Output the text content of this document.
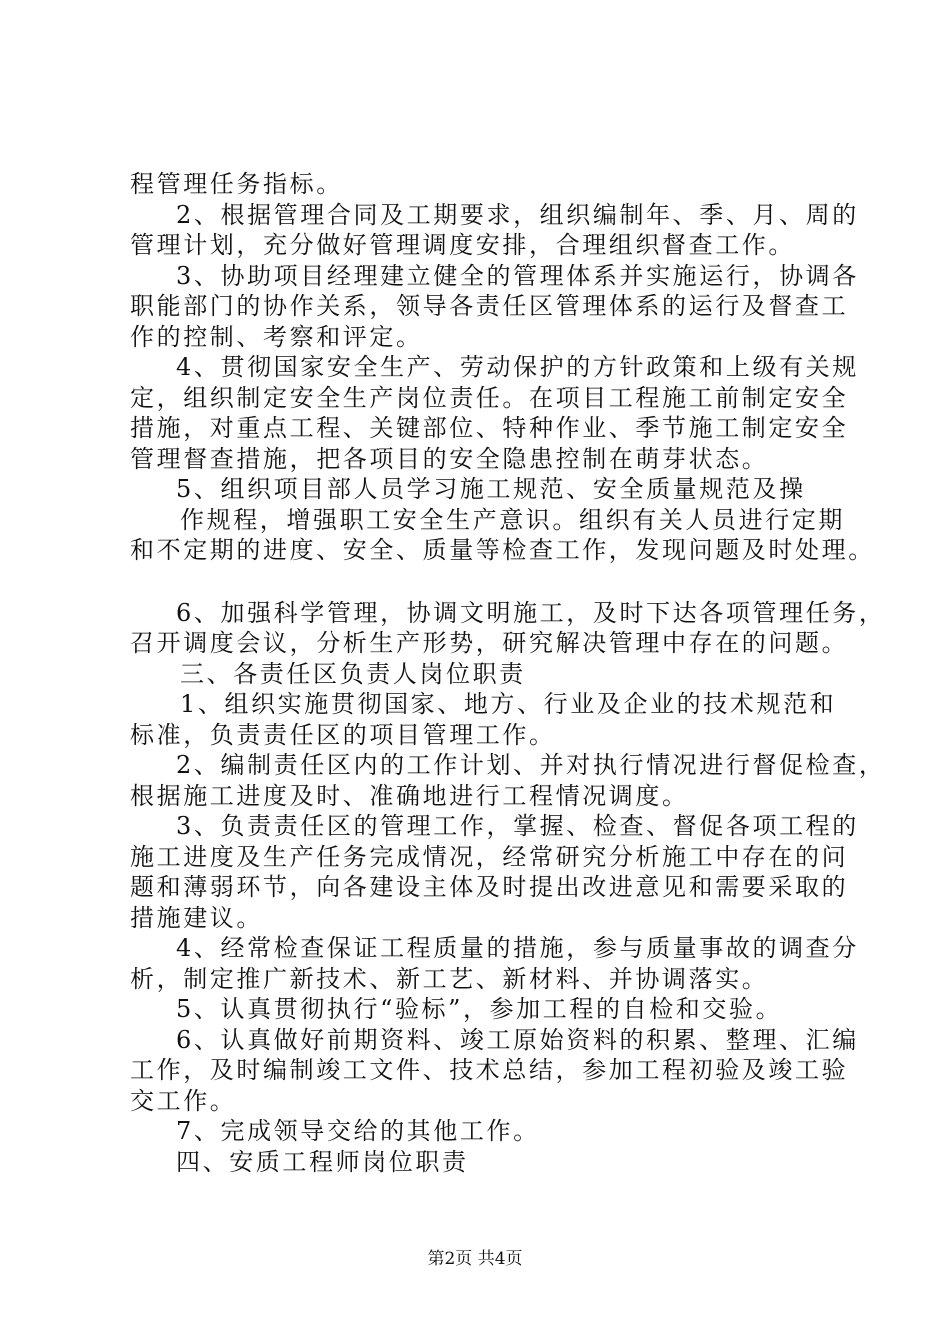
程管理任务指标。
2、根据管理合同及工期要求，组织编制年、季、月、周的
管理计划，充分做好管理调度安排，合理组织督查工作。
3、协助项目经理建立健全的管理体系并实施运行，协调各
职能部门的协作关系，领导各责任区管理体系的运行及督查工
作的控制、考察和评定。
4、贯彻国家安全生产、劳动保护的方针政策和上级有关规
定，组织制定安全生产岗位责任。在项目工程施工前制定安全
措施，对重点工程、关键部位、特种作业、季节施工制定安全
管理督查措施，把各项目的安全隐患控制在萌芽状态。
5、组织项目部人员学习施工规范、安全质量规范及操
作规程，增强职工安全生产意识。组织有关人员进行定期
和不定期的进度、安全、质量等检查工作，发现问题及时处理。
6、加强科学管理，协调文明施工，及时下达各项管理任务，
召开调度会议，分析生产形势，研究解决管理中存在的问题。
三、各责任区负责人岗位职责
1、组织实施贯彻国家、地方、行业及企业的技术规范和
标准，负责责任区的项目管理工作。
2、编制责任区内的工作计划、并对执行情况进行督促检查，
根据施工进度及时、准确地进行工程情况调度。
3、负责责任区的管理工作，掌握、检查、督促各项工程的
施工进度及生产任务完成情况，经常研究分析施工中存在的问
题和薄弱环节，向各建设主体及时提出改进意见和需要采取的
措施建议。
4、经常检查保证工程质量的措施，参与质量事故的调查分
析，制定推广新技术、新工艺、新材料、并协调落实。
5、认真贯彻执行“验标”，参加工程的自检和交验。
6、认真做好前期资料、竣工原始资料的积累、整理、汇编
工作，及时编制竣工文件、技术总结，参加工程初验及竣工验
交工作。
7、完成领导交给的其他工作。
四、安质工程师岗位职责
第2页 共4页
